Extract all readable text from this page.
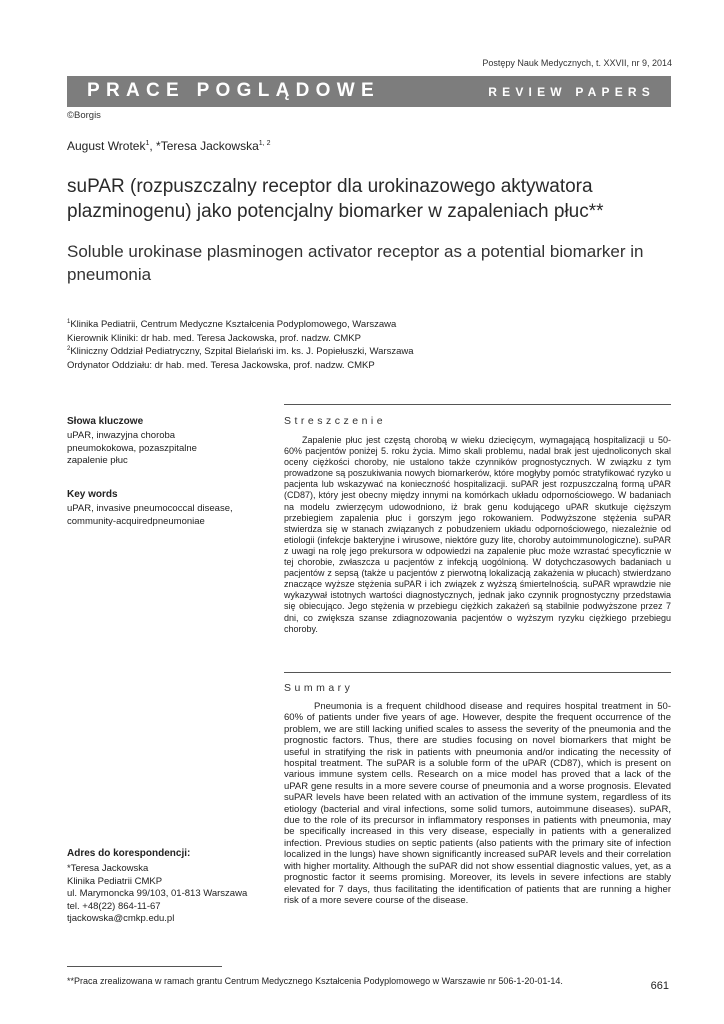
Postępy Nauk Medycznych, t. XXVII, nr 9, 2014
PRACE POGLĄDOWE	REVIEW PAPERS
©Borgis
August Wrotek$^1$, *Teresa Jackowska$^{1, 2}$
suPAR (rozpuszczalny receptor dla urokinazowego aktywatora plazminogenu) jako potencjalny biomarker w zapaleniach płuc**
Soluble urokinase plasminogen activator receptor as a potential biomarker in pneumonia
$^1$Klinika Pediatrii, Centrum Medyczne Kształcenia Podyplomowego, Warszawa
Kierownik Kliniki: dr hab. med. Teresa Jackowska, prof. nadzw. CMKP
$^2$Kliniczny Oddział Pediatryczny, Szpital Bielański im. ks. J. Popiełuszki, Warszawa
Ordynator Oddziału: dr hab. med. Teresa Jackowska, prof. nadzw. CMKP
Słowa kluczowe
uPAR, inwazyjna choroba
pneumokokowa, pozaszpitalne
zapalenie płuc
Key words
uPAR, invasive pneumococcal disease,
community-acquiredpneumoniae
Adres do korespondencji:
*Teresa Jackowska
Klinika Pediatrii CMKP
ul. Marymoncka 99/103, 01-813 Warszawa
tel. +48(22) 864-11-67
tjackowska@cmkp.edu.pl
Streszczenie

Zapalenie płuc jest częstą chorobą w wieku dziecięcym, wymagającą hospitalizacji u 50-60% pacjentów poniżej 5. roku życia. Mimo skali problemu, nadal brak jest ujednoliconych skal oceny ciężkości choroby, nie ustalono także czynników prognostycznych. W związku z tym prowadzone są poszukiwania nowych biomarkerów, które mogłyby pomóc stratyfikować ryzyko u pacjenta lub wskazywać na konieczność hospitalizacji. suPAR jest rozpuszczalną formą uPAR (CD87), który jest obecny między innymi na komórkach układu odpornościowego. W badaniach na modelu zwierzęcym udowodniono, iż brak genu kodującego uPAR skutkuje cięższym przebiegiem zapalenia płuc i gorszym jego rokowaniem. Podwyższone stężenia suPAR stwierdza się w stanach związanych z pobudzeniem układu odpornościowego, niezależnie od etiologii (infekcje bakteryjne i wirusowe, niektóre guzy lite, choroby autoimmunologiczne). suPAR z uwagi na rolę jego prekursora w odpowiedzi na zapalenie płuc może wzrastać specyficznie w tej chorobie, zwłaszcza u pacjentów z infekcją uogólnioną. W dotychczasowych badaniach u pacjentów z sepsą (także u pacjentów z pierwotną lokalizacją zakażenia w płucach) stwierdzano znaczące wyższe stężenia suPAR i ich związek z wyższą śmiertelnością. suPAR wprawdzie nie wykazywał istotnych wartości diagnostycznych, jednak jako czynnik prognostyczny przedstawia się obiecująco. Jego stężenia w przebiegu ciężkich zakażeń są stabilnie podwyższone przez 7 dni, co zwiększa szanse zdiagnozowania pacjentów o wyższym ryzyku ciężkiego przebiegu choroby.

Summary

Pneumonia is a frequent childhood disease and requires hospital treatment in 50-60% of patients under five years of age. However, despite the frequent occurrence of the problem, we are still lacking unified scales to assess the severity of the pneumonia and the prognostic factors. Thus, there are studies focusing on novel biomarkers that might be useful in stratifying the risk in patients with pneumonia and/or indicating the necessity of hospital treatment. The suPAR is a soluble form of the uPAR (CD87), which is present on various immune system cells. Research on a mice model has proved that a lack of the uPAR gene results in a more severe course of pneumonia and a worse prognosis. Elevated suPAR levels have been related with an activation of the immune system, regardless of its etiology (bacterial and viral infections, some solid tumors, autoimmune diseases). suPAR, due to the role of its precursor in inflammatory responses in patients with pneumonia, may be specifically increased in this very disease, especially in patients with a generalized infection. Previous studies on septic patients (also patients with the primary site of infection localized in the lungs) have shown significantly increased suPAR levels and their correlation with higher mortality. Although the suPAR did not show essential diagnostic values, yet, as a prognostic factor it seems promising. Moreover, its levels in severe infections are stably elevated for 7 days, thus facilitating the identification of patients that are running a higher risk of a more severe course of the disease.

**Praca zrealizowana w ramach grantu Centrum Medycznego Kształcenia Podyplomowego w Warszawie nr 506-1-20-01-14.	661
